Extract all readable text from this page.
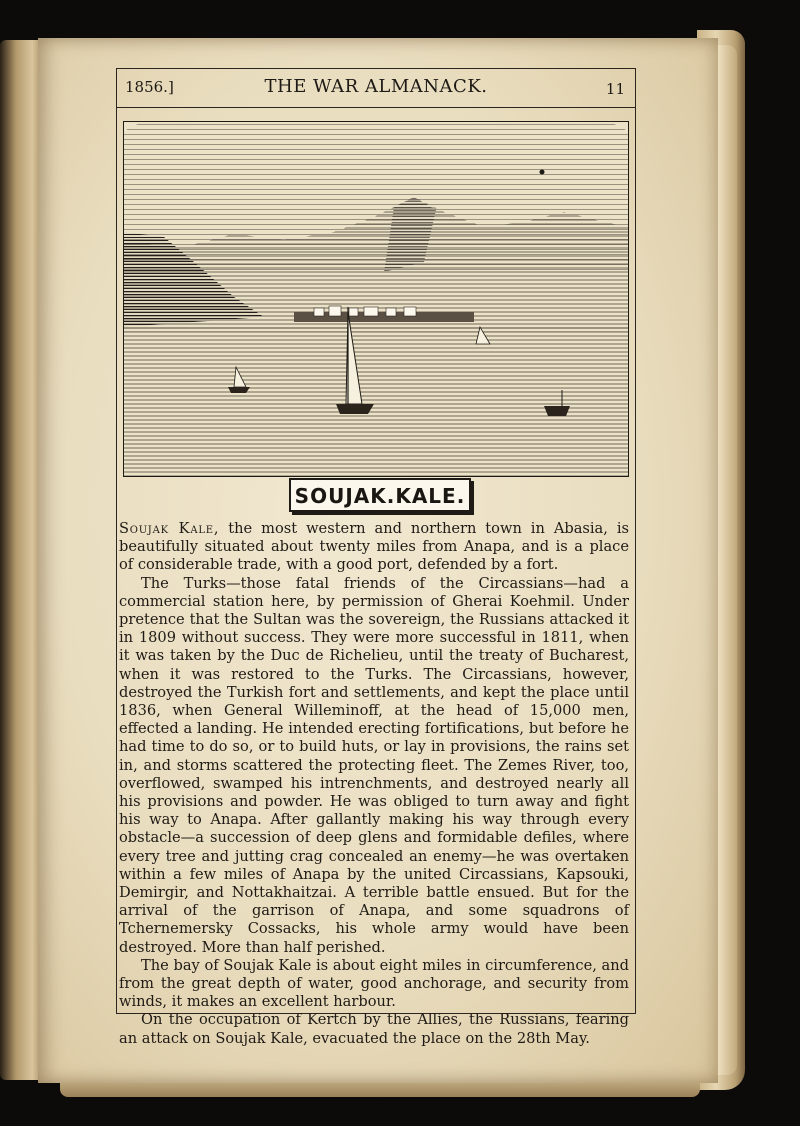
1856.]	THE WAR ALMANACK.	11
SOUJAK.KALE.

Soujak Kale, the most western and northern town in Abasia, is beautifully situated about twenty miles from Anapa, and is a place of considerable trade, with a good port, defended by a fort.

The Turks—those fatal friends of the Circassians—had a commercial station here, by permission of Gherai Koehmil. Under pretence that the Sultan was the sovereign, the Russians attacked it in 1809 without success. They were more successful in 1811, when it was taken by the Duc de Richelieu, until the treaty of Bucharest, when it was restored to the Turks. The Circassians, however, destroyed the Turkish fort and settlements, and kept the place until 1836, when General Willeminoff, at the head of 15,000 men, effected a landing. He intended erecting fortifications, but before he had time to do so, or to build huts, or lay in provisions, the rains set in, and storms scattered the protecting fleet. The Zemes River, too, overflowed, swamped his intrenchments, and destroyed nearly all his provisions and powder. He was obliged to turn away and fight his way to Anapa. After gallantly making his way through every obstacle—a succession of deep glens and formidable defiles, where every tree and jutting crag concealed an enemy—he was overtaken within a few miles of Anapa by the united Circassians, Kapsouki, Demirgir, and Nottakhaitzai. A terrible battle ensued. But for the arrival of the garrison of Anapa, and some squadrons of Tchernemersky Cossacks, his whole army would have been destroyed. More than half perished.

The bay of Soujak Kale is about eight miles in circumference, and from the great depth of water, good anchorage, and security from winds, it makes an excellent harbour.

On the occupation of Kertch by the Allies, the Russians, fearing an attack on Soujak Kale, evacuated the place on the 28th May.
